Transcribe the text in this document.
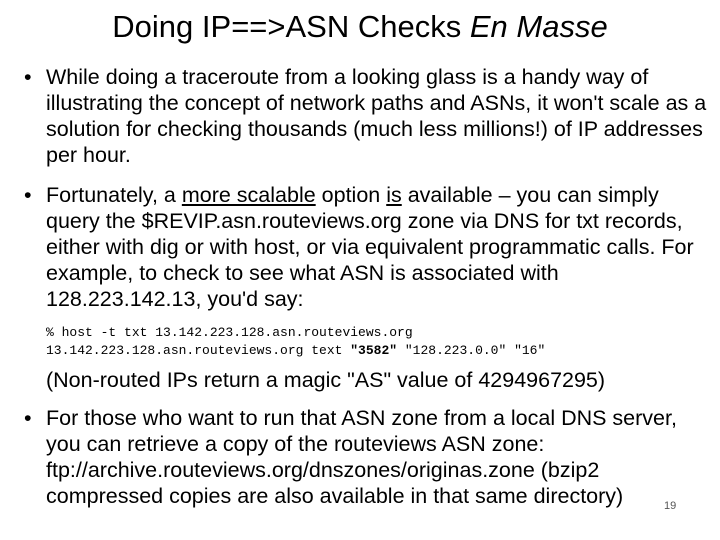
Doing IP==>ASN Checks En Masse
• While doing a traceroute from a looking glass is a handy way of illustrating the concept of network paths and ASNs, it won't scale as a solution for checking thousands (much less millions!) of IP addresses per hour.
• Fortunately, a more scalable option is available – you can simply query the $REVIP.asn.routeviews.org zone via DNS for txt records, either with dig or with host, or via equivalent programmatic calls. For example, to check to see what ASN is associated with 128.223.142.13, you'd say:
% host -t txt 13.142.223.128.asn.routeviews.org
13.142.223.128.asn.routeviews.org text "3582" "128.223.0.0" "16"
(Non-routed IPs return a magic "AS" value of 4294967295)
• For those who want to run that ASN zone from a local DNS server, you can retrieve a copy of the routeviews ASN zone: ftp://archive.routeviews.org/dnszones/originas.zone (bzip2 compressed copies are also available in that same directory)	19
